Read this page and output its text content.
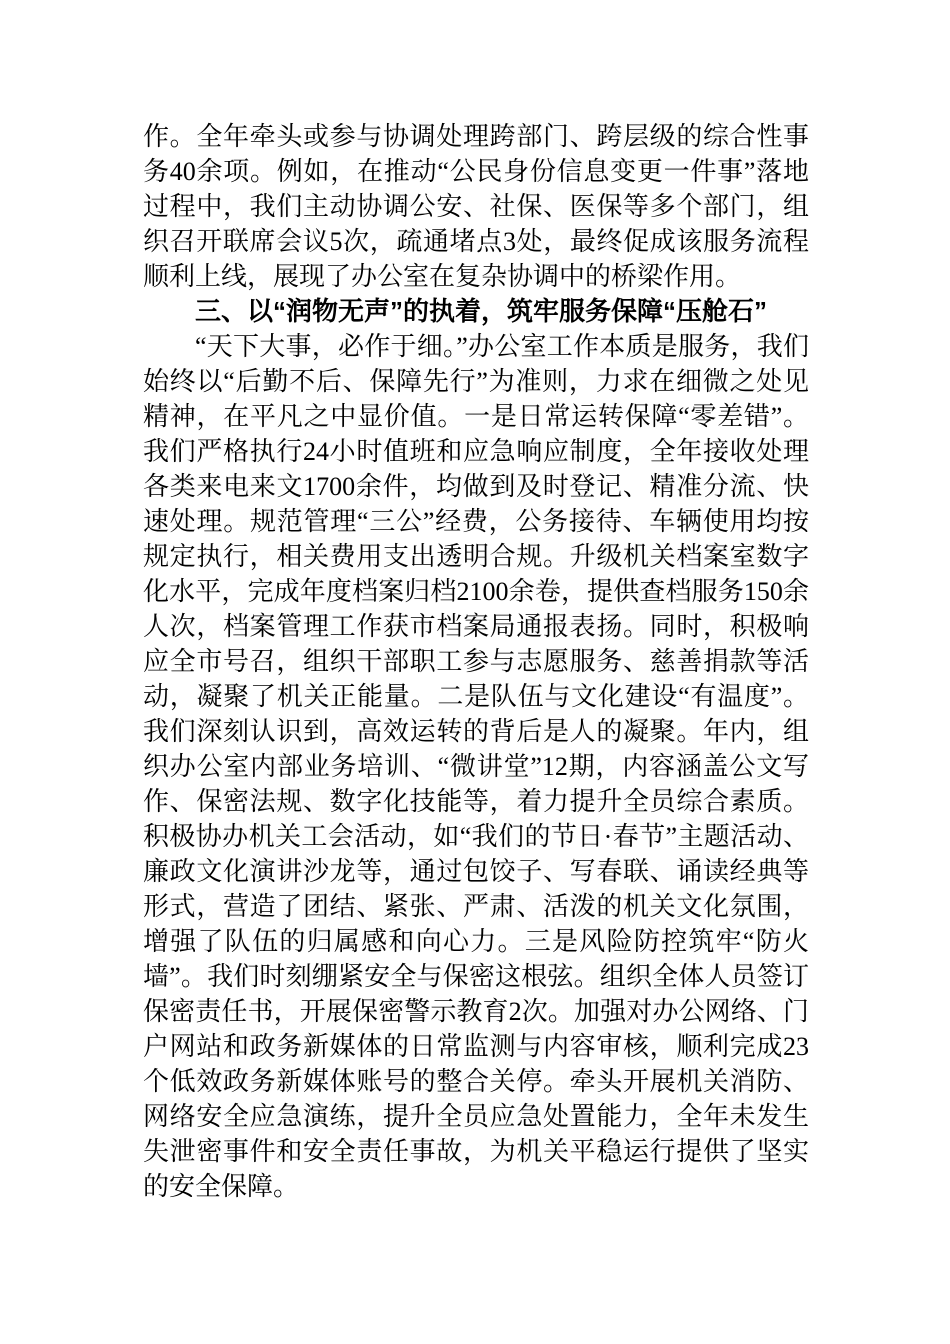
作。全年牵头或参与协调处理跨部门、跨层级的综合性事务40余项。例如，在推动“公民身份信息变更一件事”落地过程中，我们主动协调公安、社保、医保等多个部门，组织召开联席会议5次，疏通堵点3处，最终促成该服务流程顺利上线，展现了办公室在复杂协调中的桥梁作用。

三、以“润物无声”的执着，筑牢服务保障“压舱石”

“天下大事，必作于细。”办公室工作本质是服务，我们始终以“后勤不后、保障先行”为准则，力求在细微之处见精神，在平凡之中显价值。一是日常运转保障“零差错”。我们严格执行24小时值班和应急响应制度，全年接收处理各类来电来文1700余件，均做到及时登记、精准分流、快速处理。规范管理“三公”经费，公务接待、车辆使用均按规定执行，相关费用支出透明合规。升级机关档案室数字化水平，完成年度档案归档2100余卷，提供查档服务150余人次，档案管理工作获市档案局通报表扬。同时，积极响应全市号召，组织干部职工参与志愿服务、慈善捐款等活动，凝聚了机关正能量。二是队伍与文化建设“有温度”。我们深刻认识到，高效运转的背后是人的凝聚。年内，组织办公室内部业务培训、“微讲堂”12期，内容涵盖公文写作、保密法规、数字化技能等，着力提升全员综合素质。积极协办机关工会活动，如“我们的节日·春节”主题活动、廉政文化演讲沙龙等，通过包饺子、写春联、诵读经典等形式，营造了团结、紧张、严肃、活泼的机关文化氛围，增强了队伍的归属感和向心力。三是风险防控筑牢“防火墙”。我们时刻绷紧安全与保密这根弦。组织全体人员签订保密责任书，开展保密警示教育2次。加强对办公网络、门户网站和政务新媒体的日常监测与内容审核，顺利完成23个低效政务新媒体账号的整合关停。牵头开展机关消防、网络安全应急演练，提升全员应急处置能力，全年未发生失泄密事件和安全责任事故，为机关平稳运行提供了坚实的安全保障。
